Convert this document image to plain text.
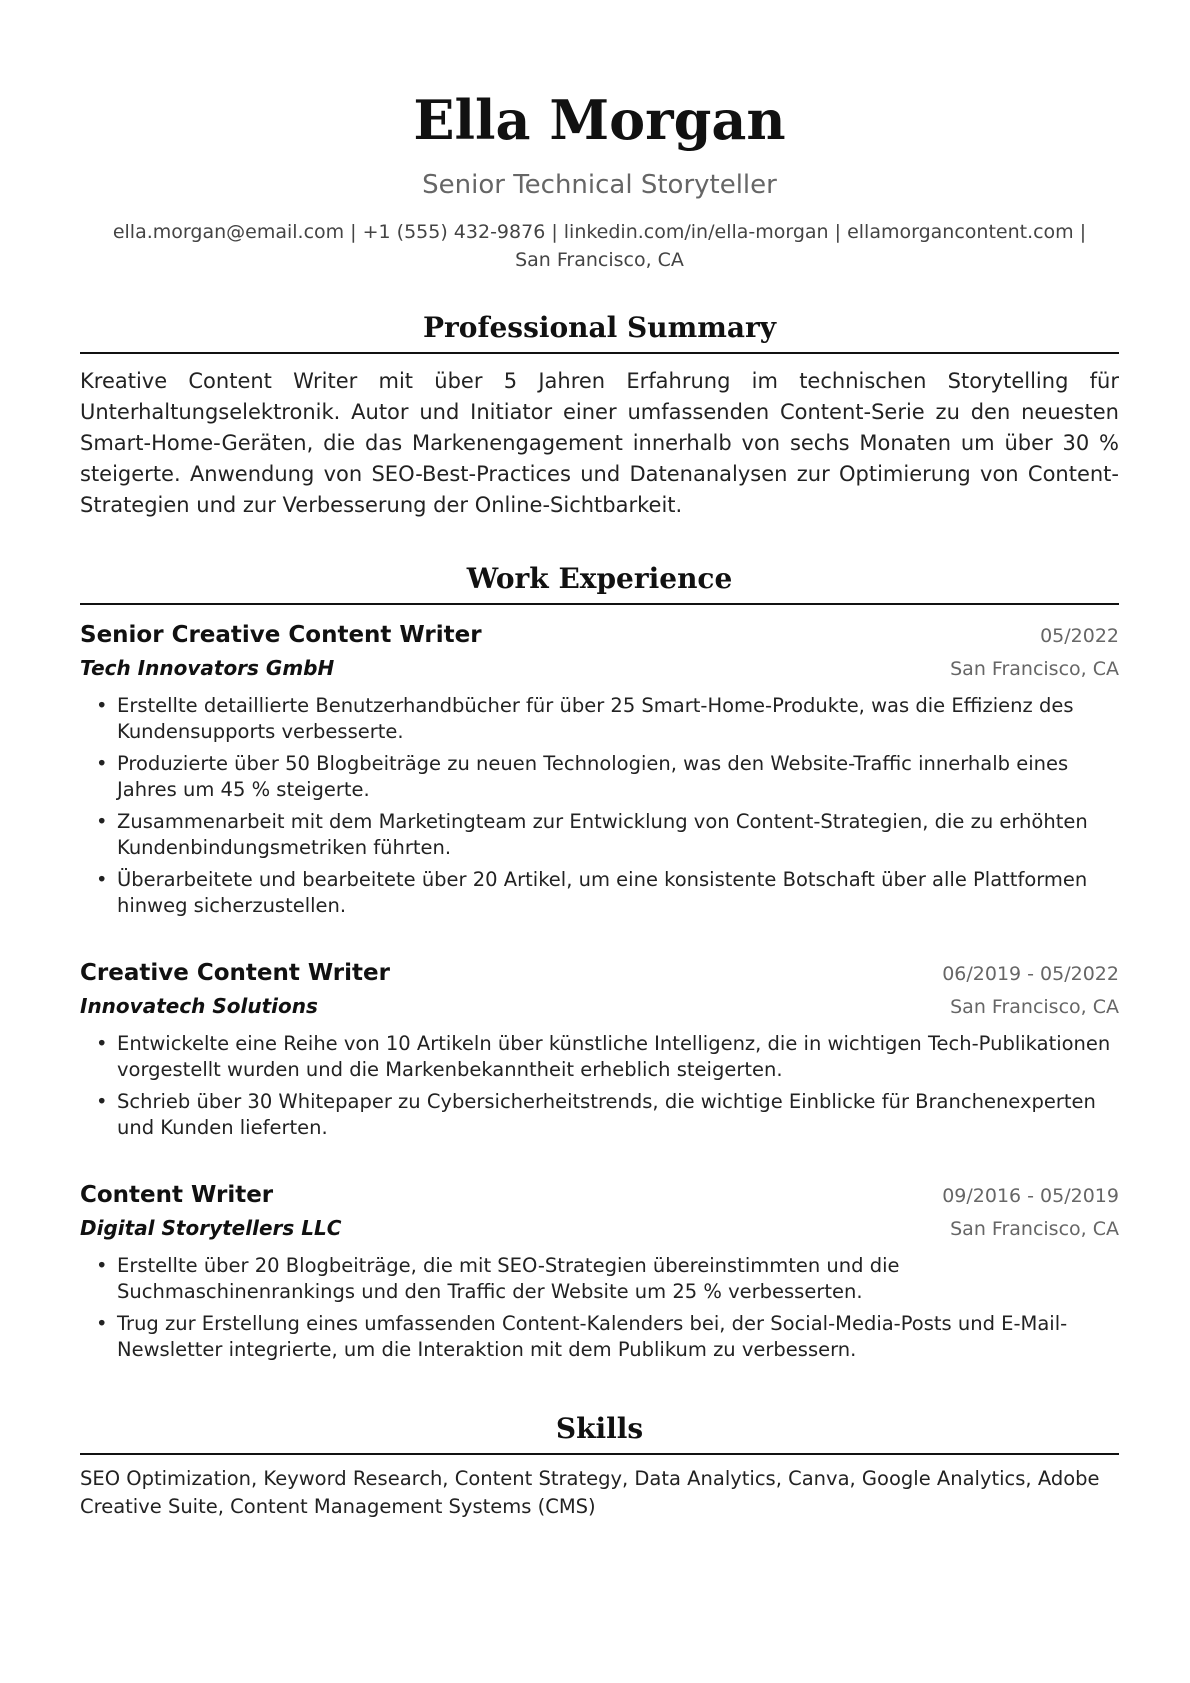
Ella Morgan
Senior Technical Storyteller
ella.morgan@email.com | +1 (555) 432-9876 | linkedin.com/in/ella-morgan | ellamorgancontent.com | San Francisco, CA
Professional Summary
Kreative Content Writer mit über 5 Jahren Erfahrung im technischen Storytelling für Unterhaltungselektronik. Autor und Initiator einer umfassenden Content-Serie zu den neuesten Smart-Home-Geräten, die das Markenengagement innerhalb von sechs Monaten um über 30 % steigerte. Anwendung von SEO-Best-Practices und Datenanalysen zur Optimierung von Content-Strategien und zur Verbesserung der Online-Sichtbarkeit.
Work Experience
Senior Creative Content Writer	05/2022
Tech Innovators GmbH	San Francisco, CA
• Erstellte detaillierte Benutzerhandbücher für über 25 Smart-Home-Produkte, was die Effizienz des Kundensupports verbesserte.
• Produzierte über 50 Blogbeiträge zu neuen Technologien, was den Website-Traffic innerhalb eines Jahres um 45 % steigerte.
• Zusammenarbeit mit dem Marketingteam zur Entwicklung von Content-Strategien, die zu erhöhten Kundenbindungsmetriken führten.
• Überarbeitete und bearbeitete über 20 Artikel, um eine konsistente Botschaft über alle Plattformen hinweg sicherzustellen.
Creative Content Writer	06/2019 - 05/2022
Innovatech Solutions	San Francisco, CA
• Entwickelte eine Reihe von 10 Artikeln über künstliche Intelligenz, die in wichtigen Tech-Publikationen vorgestellt wurden und die Markenbekanntheit erheblich steigerten.
• Schrieb über 30 Whitepaper zu Cybersicherheitstrends, die wichtige Einblicke für Branchenexperten und Kunden lieferten.
Content Writer	09/2016 - 05/2019
Digital Storytellers LLC	San Francisco, CA
• Erstellte über 20 Blogbeiträge, die mit SEO-Strategien übereinstimmten und die Suchmaschinenrankings und den Traffic der Website um 25 % verbesserten.
• Trug zur Erstellung eines umfassenden Content-Kalenders bei, der Social-Media-Posts und E-Mail-Newsletter integrierte, um die Interaktion mit dem Publikum zu verbessern.
Skills
SEO Optimization, Keyword Research, Content Strategy, Data Analytics, Canva, Google Analytics, Adobe Creative Suite, Content Management Systems (CMS)
